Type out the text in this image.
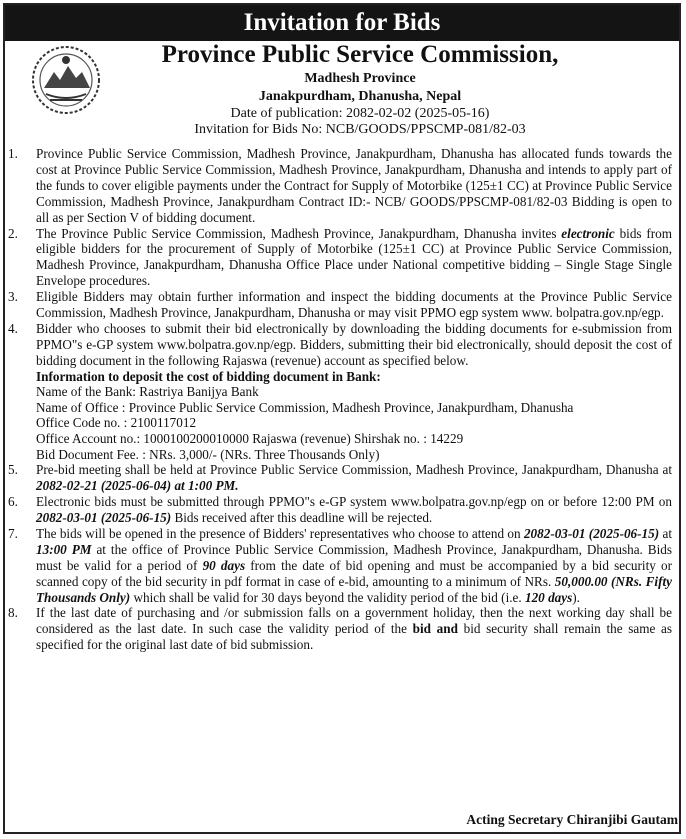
Invitation for Bids
Province Public Service Commission,
Madhesh Province
Janakpurdham, Dhanusha, Nepal
Date of publication: 2082-02-02 (2025-05-16)
Invitation for Bids No: NCB/GOODS/PPSCMP-081/82-03
1.	Province Public Service Commission, Madhesh Province, Janakpurdham, Dhanusha has allocated funds towards the cost at Province Public Service Commission, Madhesh Province, Janakpurdham, Dhanusha and intends to apply part of the funds to cover eligible payments under the Contract for Supply of Motorbike (125±1 CC) at Province Public Service Commission, Madhesh Province, Janakpurdham Contract ID:- NCB/ GOODS/PPSCMP-081/82-03 Bidding is open to all as per Section V of bidding document.
2.	The Province Public Service Commission, Madhesh Province, Janakpurdham, Dhanusha invites electronic bids from eligible bidders for the procurement of Supply of Motorbike (125±1 CC) at Province Public Service Commission, Madhesh Province, Janakpurdham, Dhanusha Office Place under National competitive bidding – Single Stage Single Envelope procedures.
3.	Eligible Bidders may obtain further information and inspect the bidding documents at the Province Public Service Commission, Madhesh Province, Janakpurdham, Dhanusha or may visit PPMO egp system www. bolpatra.gov.np/egp.
4.	Bidder who chooses to submit their bid electronically by downloading the bidding documents for e-submission from PPMO"s e-GP system www.bolpatra.gov.np/egp. Bidders, submitting their bid electronically, should deposit the cost of bidding document in the following Rajaswa (revenue) account as specified below.
Information to deposit the cost of bidding document in Bank:
Name of the Bank: Rastriya Banijya Bank
Name of Office : Province Public Service Commission, Madhesh Province, Janakpurdham, Dhanusha
Office Code no. : 2100117012
Office Account no.: 1000100200010000 Rajaswa (revenue) Shirshak no. : 14229
Bid Document Fee. : NRs. 3,000/- (NRs. Three Thousands Only)
5.	Pre-bid meeting shall be held at Province Public Service Commission, Madhesh Province, Janakpurdham, Dhanusha at 2082-02-21 (2025-06-04) at 1:00 PM.
6.	Electronic bids must be submitted through PPMO"s e-GP system www.bolpatra.gov.np/egp on or before 12:00 PM on 2082-03-01 (2025-06-15) Bids received after this deadline will be rejected.
7.	The bids will be opened in the presence of Bidders' representatives who choose to attend on 2082-03-01 (2025-06-15) at 13:00 PM at the office of Province Public Service Commission, Madhesh Province, Janakpurdham, Dhanusha. Bids must be valid for a period of 90 days from the date of bid opening and must be accompanied by a bid security or scanned copy of the bid security in pdf format in case of e-bid, amounting to a minimum of NRs. 50,000.00 (NRs. Fifty Thousands Only) which shall be valid for 30 days beyond the validity period of the bid (i.e. 120 days).
8.	If the last date of purchasing and /or submission falls on a government holiday, then the next working day shall be considered as the last date. In such case the validity period of the bid and bid security shall remain the same as specified for the original last date of bid submission.
Acting Secretary Chiranjibi Gautam
